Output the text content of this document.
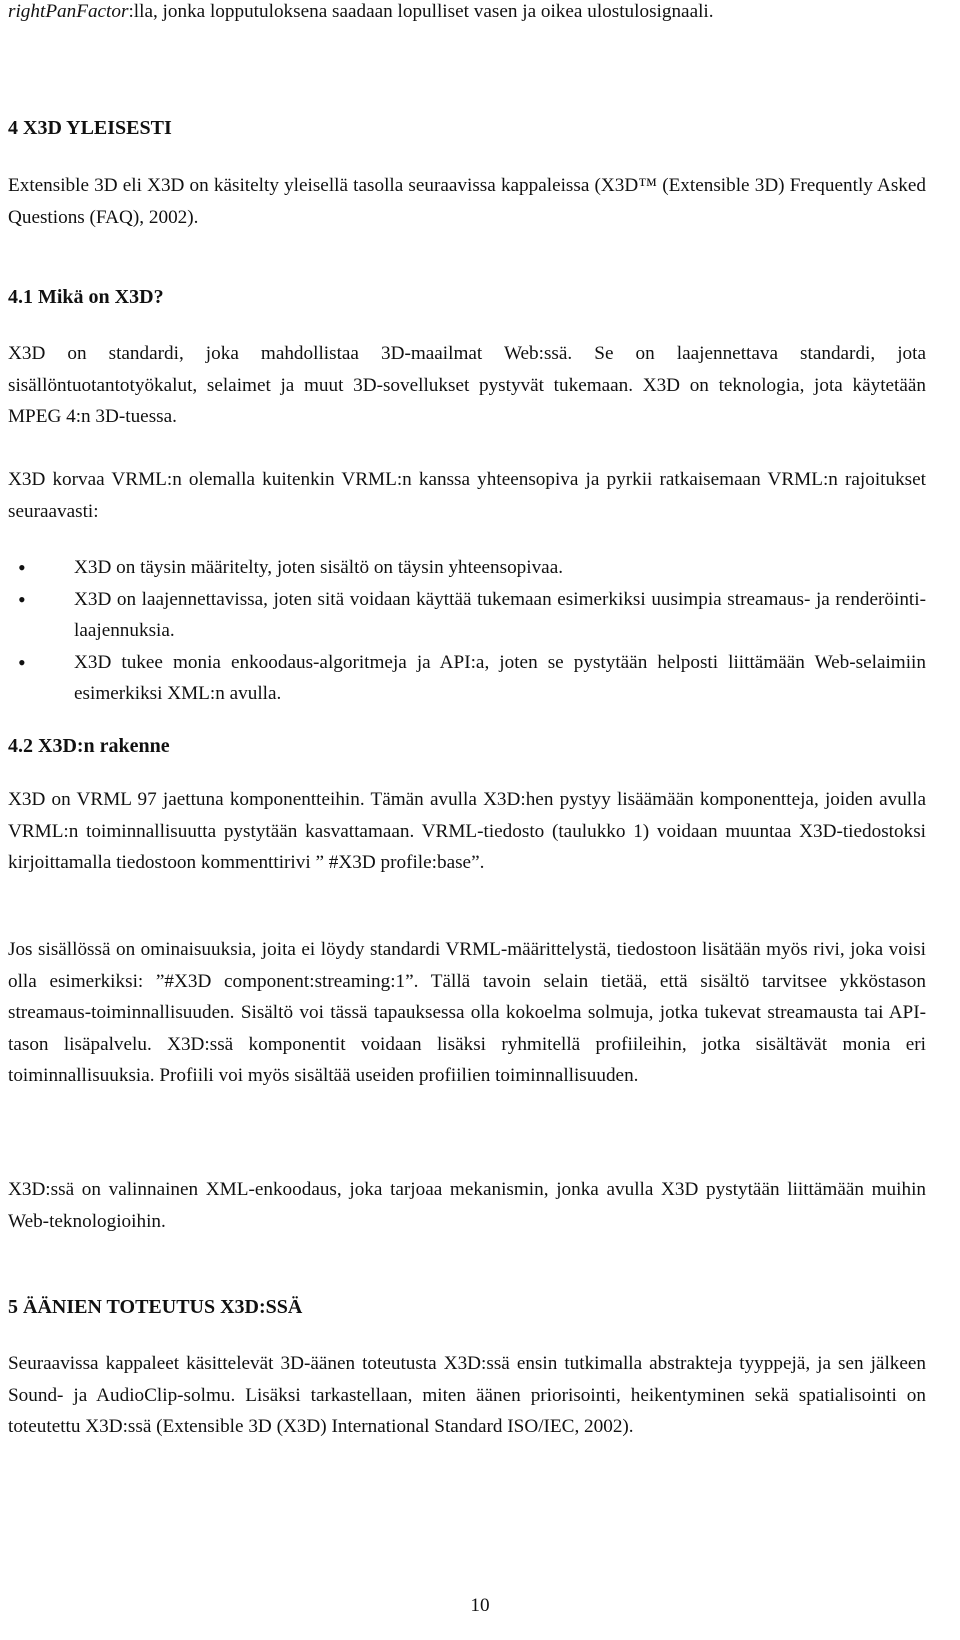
rightPanFactor:lla, jonka lopputuloksena saadaan lopulliset vasen ja oikea ulostulosignaali.

4 X3D YLEISESTI

Extensible 3D eli X3D on käsitelty yleisellä tasolla seuraavissa kappaleissa (X3D™ (Extensible 3D) Frequently Asked Questions (FAQ), 2002).

4.1 Mikä on X3D?

X3D on standardi, joka mahdollistaa 3D-maailmat Web:ssä. Se on laajennettava standardi, jota sisällöntuotantotyökalut, selaimet ja muut 3D-sovellukset pystyvät tukemaan. X3D on teknologia, jota käytetään MPEG 4:n 3D-tuessa.

X3D korvaa VRML:n olemalla kuitenkin VRML:n kanssa yhteensopiva ja pyrkii ratkaisemaan VRML:n rajoitukset seuraavasti:

•	X3D on täysin määritelty, joten sisältö on täysin yhteensopivaa.
•	X3D on laajennettavissa, joten sitä voidaan käyttää tukemaan esimerkiksi uusimpia streamaus- ja renderöinti-laajennuksia.
•	X3D tukee monia enkoodaus-algoritmeja ja API:a, joten se pystytään helposti liittämään Web-selaimiin esimerkiksi XML:n avulla.
4.2 X3D:n rakenne

X3D on VRML 97 jaettuna komponentteihin. Tämän avulla X3D:hen pystyy lisäämään komponentteja, joiden avulla VRML:n toiminnallisuutta pystytään kasvattamaan. VRML-tiedosto (taulukko 1) voidaan muuntaa X3D-tiedostoksi kirjoittamalla tiedostoon kommenttirivi ” #X3D profile:base”.

Jos sisällössä on ominaisuuksia, joita ei löydy standardi VRML-määrittelystä, tiedostoon lisätään myös rivi, joka voisi olla esimerkiksi: ”#X3D component:streaming:1”. Tällä tavoin selain tietää, että sisältö tarvitsee ykköstason streamaus-toiminnallisuuden. Sisältö voi tässä tapauksessa olla kokoelma solmuja, jotka tukevat streamausta tai API-tason lisäpalvelu. X3D:ssä komponentit voidaan lisäksi ryhmitellä profiileihin, jotka sisältävät monia eri toiminnallisuuksia. Profiili voi myös sisältää useiden profiilien toiminnallisuuden.

X3D:ssä on valinnainen XML-enkoodaus, joka tarjoaa mekanismin, jonka avulla X3D pystytään liittämään muihin Web-teknologioihin.

5 ÄÄNIEN TOTEUTUS X3D:SSÄ

Seuraavissa kappaleet käsittelevät 3D-äänen toteutusta X3D:ssä ensin tutkimalla abstrakteja tyyppejä, ja sen jälkeen Sound- ja AudioClip-solmu. Lisäksi tarkastellaan, miten äänen priorisointi, heikentyminen sekä spatialisointi on toteutettu X3D:ssä (Extensible 3D (X3D) International Standard ISO/IEC, 2002).

10
